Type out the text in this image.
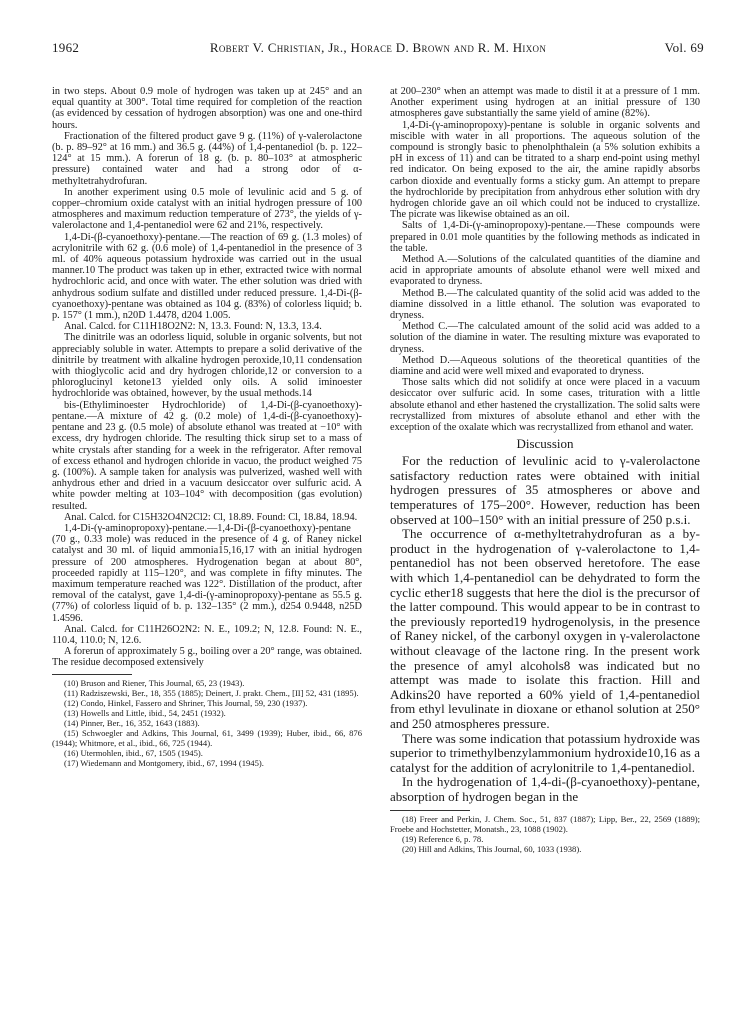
1962	Robert V. Christian, Jr., Horace D. Brown and R. M. Hixon	Vol. 69

in two steps. About 0.9 mole of hydrogen was taken up at 245° and an equal quantity at 300°. Total time required for completion of the reaction (as evidenced by cessation of hydrogen absorption) was one and one-third hours.

Fractionation of the filtered product gave 9 g. (11%) of γ-valerolactone (b. p. 89–92° at 16 mm.) and 36.5 g. (44%) of 1,4-pentanediol (b. p. 122–124° at 15 mm.). A forerun of 18 g. (b. p. 80–103° at atmospheric pressure) contained water and had a strong odor of α-methyltetrahydrofuran.

In another experiment using 0.5 mole of levulinic acid and 5 g. of copper–chromium oxide catalyst with an initial hydrogen pressure of 100 atmospheres and maximum reduction temperature of 273°, the yields of γ-valerolactone and 1,4-pentanediol were 62 and 21%, respectively.

1,4-Di-(β-cyanoethoxy)-pentane.—The reaction of 69 g. (1.3 moles) of acrylonitrile with 62 g. (0.6 mole) of 1,4-pentanediol in the presence of 3 ml. of 40% aqueous potassium hydroxide was carried out in the usual manner.10 The product was taken up in ether, extracted twice with normal hydrochloric acid, and once with water. The ether solution was dried with anhydrous sodium sulfate and distilled under reduced pressure. 1,4-Di-(β-cyanoethoxy)-pentane was obtained as 104 g. (83%) of colorless liquid; b. p. 157° (1 mm.), n20D 1.4478, d204 1.005.

Anal. Calcd. for C11H18O2N2: N, 13.3. Found: N, 13.3, 13.4.

The dinitrile was an odorless liquid, soluble in organic solvents, but not appreciably soluble in water. Attempts to prepare a solid derivative of the dinitrile by treatment with alkaline hydrogen peroxide,10,11 condensation with thioglycolic acid and dry hydrogen chloride,12 or conversion to a phloroglucinyl ketone13 yielded only oils. A solid iminoester hydrochloride was obtained, however, by the usual methods.14

bis-(Ethyliminoester Hydrochloride) of 1,4-Di-(β-cyanoethoxy)-pentane.—A mixture of 42 g. (0.2 mole) of 1,4-di-(β-cyanoethoxy)-pentane and 23 g. (0.5 mole) of absolute ethanol was treated at −10° with excess, dry hydrogen chloride. The resulting thick sirup set to a mass of white crystals after standing for a week in the refrigerator. After removal of excess ethanol and hydrogen chloride in vacuo, the product weighed 75 g. (100%). A sample taken for analysis was pulverized, washed well with anhydrous ether and dried in a vacuum desiccator over sulfuric acid. A white powder melting at 103–104° with decomposition (gas evolution) resulted.

Anal. Calcd. for C15H32O4N2Cl2: Cl, 18.89. Found: Cl, 18.84, 18.94.

1,4-Di-(γ-aminopropoxy)-pentane.—1,4-Di-(β-cyanoethoxy)-pentane (70 g., 0.33 mole) was reduced in the presence of 4 g. of Raney nickel catalyst and 30 ml. of liquid ammonia15,16,17 with an initial hydrogen pressure of 200 atmospheres. Hydrogenation began at about 80°, proceeded rapidly at 115–120°, and was complete in fifty minutes. The maximum temperature reached was 122°. Distillation of the product, after removal of the catalyst, gave 1,4-di-(γ-aminopropoxy)-pentane as 55.5 g. (77%) of colorless liquid of b. p. 132–135° (2 mm.), d254 0.9448, n25D 1.4596.

Anal. Calcd. for C11H26O2N2: N. E., 109.2; N, 12.8. Found: N. E., 110.4, 110.0; N, 12.6.

A forerun of approximately 5 g., boiling over a 20° range, was obtained. The residue decomposed extensively

(10) Bruson and Riener, This Journal, 65, 23 (1943).

(11) Radziszewski, Ber., 18, 355 (1885); Deinert, J. prakt. Chem., [II] 52, 431 (1895).

(12) Condo, Hinkel, Fassero and Shriner, This Journal, 59, 230 (1937).

(13) Howells and Little, ibid., 54, 2451 (1932).

(14) Pinner, Ber., 16, 352, 1643 (1883).

(15) Schwoegler and Adkins, This Journal, 61, 3499 (1939); Huber, ibid., 66, 876 (1944); Whitmore, et al., ibid., 66, 725 (1944).

(16) Utermohlen, ibid., 67, 1505 (1945).

(17) Wiedemann and Montgomery, ibid., 67, 1994 (1945).

at 200–230° when an attempt was made to distil it at a pressure of 1 mm. Another experiment using hydrogen at an initial pressure of 130 atmospheres gave substantially the same yield of amine (82%).

1,4-Di-(γ-aminopropoxy)-pentane is soluble in organic solvents and miscible with water in all proportions. The aqueous solution of the compound is strongly basic to phenolphthalein (a 5% solution exhibits a pH in excess of 11) and can be titrated to a sharp end-point using methyl red indicator. On being exposed to the air, the amine rapidly absorbs carbon dioxide and eventually forms a sticky gum. An attempt to prepare the hydrochloride by precipitation from anhydrous ether solution with dry hydrogen chloride gave an oil which could not be induced to crystallize. The picrate was likewise obtained as an oil.

Salts of 1,4-Di-(γ-aminopropoxy)-pentane.—These compounds were prepared in 0.01 mole quantities by the following methods as indicated in the table.

Method A.—Solutions of the calculated quantities of the diamine and acid in appropriate amounts of absolute ethanol were well mixed and evaporated to dryness.

Method B.—The calculated quantity of the solid acid was added to the diamine dissolved in a little ethanol. The solution was evaporated to dryness.

Method C.—The calculated amount of the solid acid was added to a solution of the diamine in water. The resulting mixture was evaporated to dryness.

Method D.—Aqueous solutions of the theoretical quantities of the diamine and acid were well mixed and evaporated to dryness.

Those salts which did not solidify at once were placed in a vacuum desiccator over sulfuric acid. In some cases, trituration with a little absolute ethanol and ether hastened the crystallization. The solid salts were recrystallized from mixtures of absolute ethanol and ether with the exception of the oxalate which was recrystallized from ethanol and water.

Discussion

For the reduction of levulinic acid to γ-valerolactone satisfactory reduction rates were obtained with initial hydrogen pressures of 35 atmospheres or above and temperatures of 175–200°. However, reduction has been observed at 100–150° with an initial pressure of 250 p.s.i.

The occurrence of α-methyltetrahydrofuran as a by-product in the hydrogenation of γ-valerolactone to 1,4-pentanediol has not been observed heretofore. The ease with which 1,4-pentanediol can be dehydrated to form the cyclic ether18 suggests that here the diol is the precursor of the latter compound. This would appear to be in contrast to the previously reported19 hydrogenolysis, in the presence of Raney nickel, of the carbonyl oxygen in γ-valerolactone without cleavage of the lactone ring. In the present work the presence of amyl alcohols8 was indicated but no attempt was made to isolate this fraction. Hill and Adkins20 have reported a 60% yield of 1,4-pentanediol from ethyl levulinate in dioxane or ethanol solution at 250° and 250 atmospheres pressure.

There was some indication that potassium hydroxide was superior to trimethylbenzylammonium hydroxide10,16 as a catalyst for the addition of acrylonitrile to 1,4-pentanediol.

In the hydrogenation of 1,4-di-(β-cyanoethoxy)-pentane, absorption of hydrogen began in the

(18) Freer and Perkin, J. Chem. Soc., 51, 837 (1887); Lipp, Ber., 22, 2569 (1889); Froebe and Hochstetter, Monatsh., 23, 1088 (1902).

(19) Reference 6, p. 78.

(20) Hill and Adkins, This Journal, 60, 1033 (1938).
